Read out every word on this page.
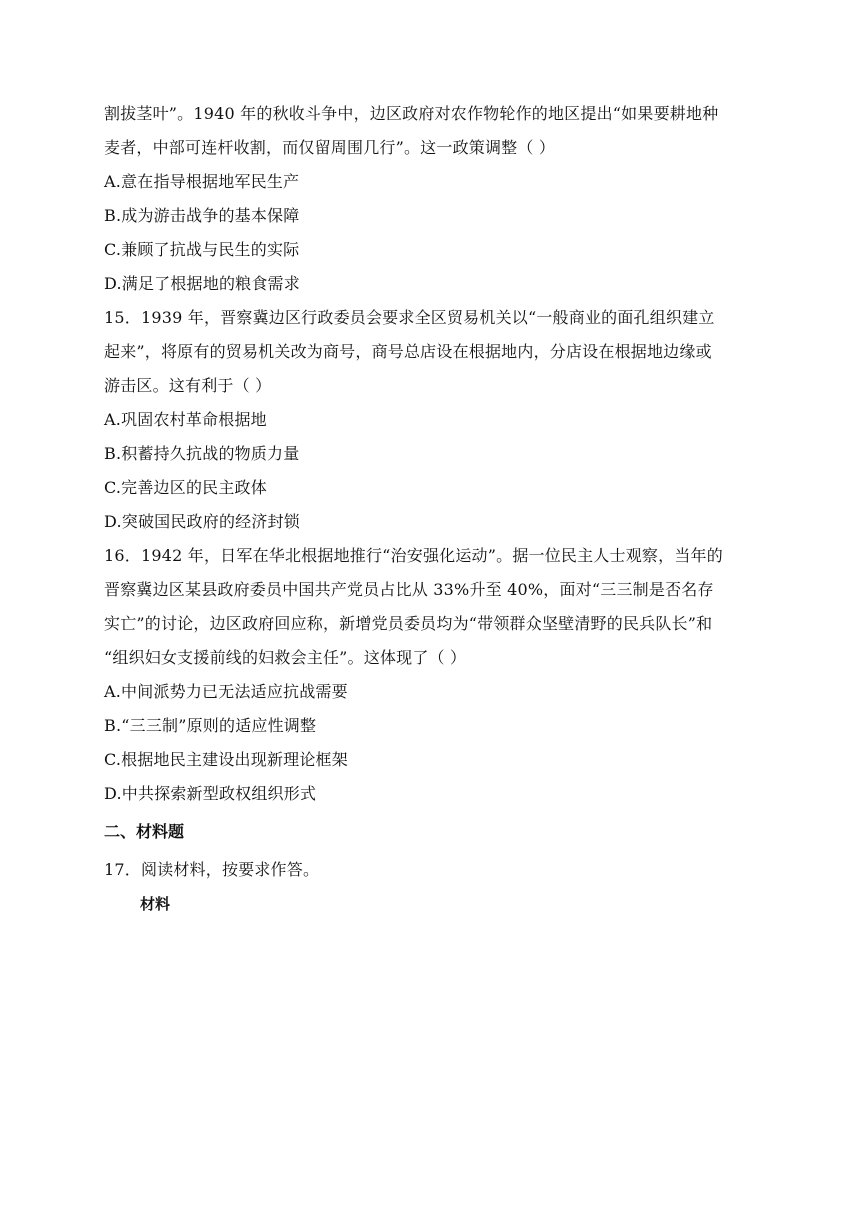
割拔茎叶”。1940 年的秋收斗争中，边区政府对农作物轮作的地区提出“如果要耕地种
麦者，中部可连杆收割，而仅留周围几行”。这一政策调整（ ）
A.意在指导根据地军民生产
B.成为游击战争的基本保障
C.兼顾了抗战与民生的实际
D.满足了根据地的粮食需求
15．1939 年，晋察冀边区行政委员会要求全区贸易机关以“一般商业的面孔组织建立
起来”，将原有的贸易机关改为商号，商号总店设在根据地内，分店设在根据地边缘或
游击区。这有利于（ ）
A.巩固农村革命根据地
B.积蓄持久抗战的物质力量
C.完善边区的民主政体
D.突破国民政府的经济封锁
16．1942 年，日军在华北根据地推行“治安强化运动”。据一位民主人士观察，当年的
晋察冀边区某县政府委员中国共产党员占比从 33%升至 40%，面对“三三制是否名存
实亡”的讨论，边区政府回应称，新增党员委员均为“带领群众坚壁清野的民兵队长”和
“组织妇女支援前线的妇救会主任”。这体现了（ ）
A.中间派势力已无法适应抗战需要
B.“三三制”原则的适应性调整
C.根据地民主建设出现新理论框架
D.中共探索新型政权组织形式
二、材料题
17．阅读材料，按要求作答。
材料
